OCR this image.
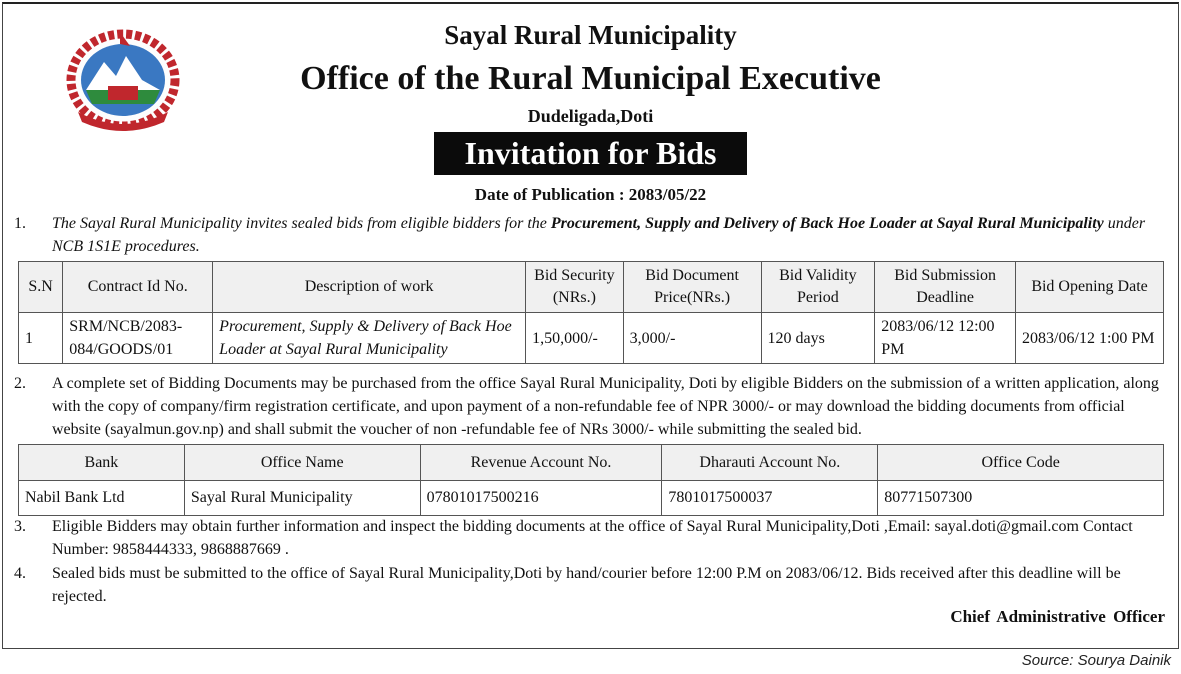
Sayal Rural Municipality
Office of the Rural Municipal Executive
Dudeligada,Doti
Invitation for Bids
Date of Publication : 2083/05/22
1. The Sayal Rural Municipality invites sealed bids from eligible bidders for the Procurement, Supply and Delivery of Back Hoe Loader at Sayal Rural Municipality under NCB 1S1E procedures.
S.N	Contract Id No.	Description of work	Bid Security (NRs.)	Bid Document Price(NRs.)	Bid Validity Period	Bid Submission Deadline	Bid Opening Date
1	SRM/NCB/2083-084/GOODS/01	Procurement, Supply & Delivery of Back Hoe Loader at Sayal Rural Municipality	1,50,000/-	3,000/-	120 days	2083/06/12 12:00 PM	2083/06/12 1:00 PM
2. A complete set of Bidding Documents may be purchased from the office Sayal Rural Municipality, Doti by eligible Bidders on the submission of a written application, along with the copy of company/firm registration certificate, and upon payment of a non-refundable fee of NPR 3000/- or may download the bidding documents from official website (sayalmun.gov.np) and shall submit the voucher of non -refundable fee of NRs 3000/- while submitting the sealed bid.
Bank	Office Name	Revenue Account No.	Dharauti Account No.	Office Code
Nabil Bank Ltd	Sayal Rural Municipality	07801017500216	7801017500037	80771507300
3. Eligible Bidders may obtain further information and inspect the bidding documents at the office of Sayal Rural Municipality,Doti ,Email: sayal.doti@gmail.com Contact Number: 9858444333, 9868887669 .
4. Sealed bids must be submitted to the office of Sayal Rural Municipality,Doti by hand/courier before 12:00 P.M on 2083/06/12. Bids received after this deadline will be rejected.
Chief Administrative Officer
Source: Sourya Dainik
